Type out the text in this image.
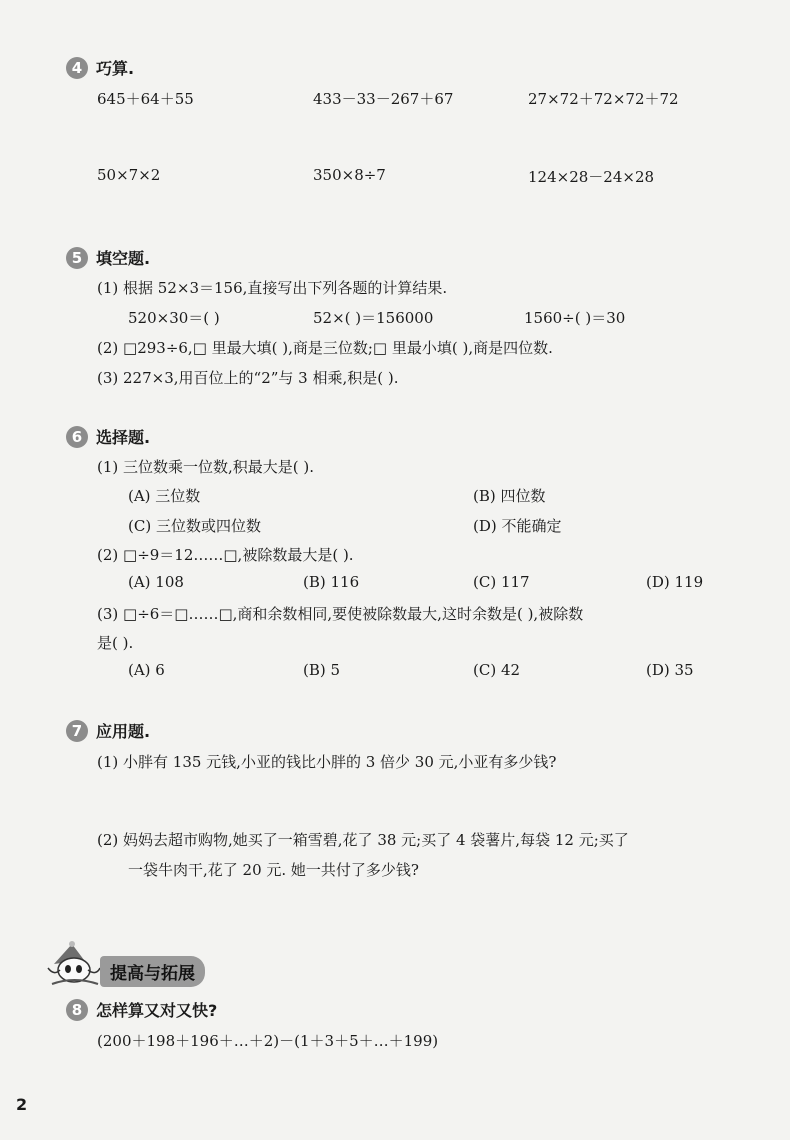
4 巧算.
645＋64＋55	433－33－267＋67	27×72＋72×72＋72
50×7×2	350×8÷7	124×28－24×28
5 填空题.
(1) 根据 52×3＝156,直接写出下列各题的计算结果.
520×30＝( )	52×( )＝156000	1560÷( )＝30
(2) □293÷6,□ 里最大填( ),商是三位数;□ 里最小填( ),商是四位数.
(3) 227×3,用百位上的“2”与 3 相乘,积是( ).
6 选择题.
(1) 三位数乘一位数,积最大是( ).
(A) 三位数	(B) 四位数
(C) 三位数或四位数	(D) 不能确定
(2) □÷9＝12……□,被除数最大是( ).
(A) 108	(B) 116	(C) 117	(D) 119
(3) □÷6＝□……□,商和余数相同,要使被除数最大,这时余数是( ),被除数
是( ).
(A) 6	(B) 5	(C) 42	(D) 35
7 应用题.
(1) 小胖有 135 元钱,小亚的钱比小胖的 3 倍少 30 元,小亚有多少钱?
(2) 妈妈去超市购物,她买了一箱雪碧,花了 38 元;买了 4 袋薯片,每袋 12 元;买了
一袋牛肉干,花了 20 元. 她一共付了多少钱?
提高与拓展
8 怎样算又对又快?
(200＋198＋196＋…＋2)－(1＋3＋5＋…＋199)
2
